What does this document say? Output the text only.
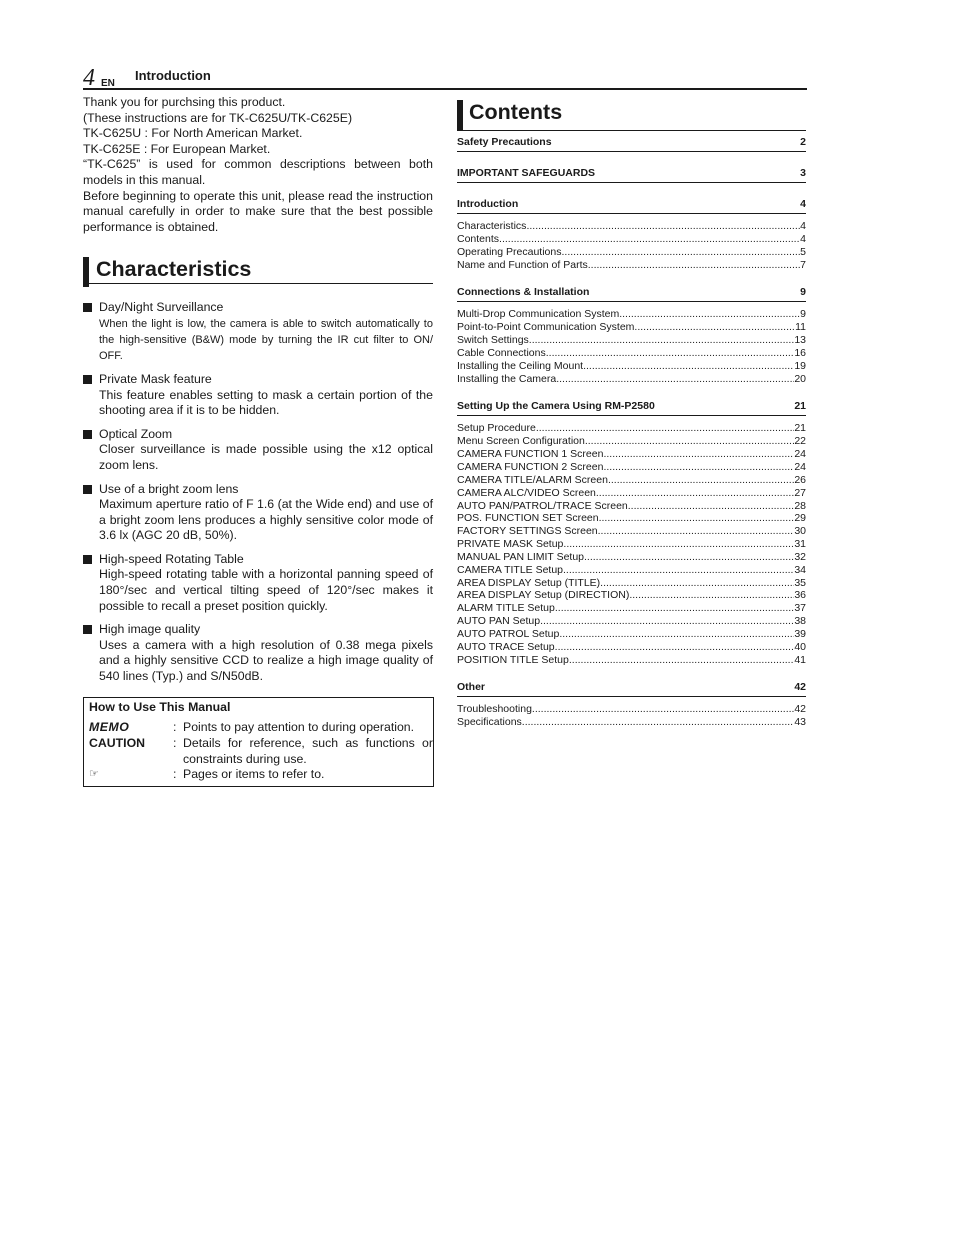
4 EN
Introduction

Thank you for purchsing this product.

(These instructions are for TK-C625U/TK-C625E)

TK-C625U : For North American Market.

TK-C625E : For European Market.

“TK-C625” is used for common descriptions between both models in this manual.

Before beginning to operate this unit, please read the instruction manual carefully in order to make sure that the best possible performance is obtained.

Characteristics
Day/Night Surveillance
When the light is low, the camera is able to switch automatically to the high-sensitive (B&W) mode by turning the IR cut filter to ON/ OFF.
Private Mask feature
This feature enables setting to mask a certain portion of the shooting area if it is to be hidden.
Optical Zoom
Closer surveillance is made possible using the x12 optical zoom lens.
Use of a bright zoom lens
Maximum aperture ratio of F 1.6 (at the Wide end) and use of a bright zoom lens produces a highly sensitive color mode of 3.6 lx (AGC 20 dB, 50%).
High-speed Rotating Table
High-speed rotating table with a horizontal panning speed of 180°/sec and vertical tilting speed of 120°/sec makes it possible to recall a preset position quickly.
High image quality
Uses a camera with a high resolution of 0.38 mega pixels and a highly sensitive CCD to realize a high image quality of 540 lines (Typ.) and S/N50dB.
How to Use This Manual
MEMO	: Points to pay attention to during operation.
CAUTION	: Details for reference, such as functions or constraints during use.
☞	: Pages or items to refer to.
Contents
Safety Precautions	2
IMPORTANT SAFEGUARDS	3
Introduction	4
Characteristics .....	4
Contents .....	4
Operating Precautions .....	5
Name and Function of Parts .....	7
Connections & Installation	9
Multi-Drop Communication System .....	9
Point-to-Point Communication System .....	11
Switch Settings .....	13
Cable Connections .....	16
Installing the Ceiling Mount .....	19
Installing the Camera .....	20
Setting Up the Camera Using RM-P2580	21
Setup Procedure .....	21
Menu Screen Configuration .....	22
CAMERA FUNCTION 1 Screen .....	24
CAMERA FUNCTION 2 Screen .....	24
CAMERA TITLE/ALARM Screen .....	26
CAMERA ALC/VIDEO Screen .....	27
AUTO PAN/PATROL/TRACE Screen .....	28
POS. FUNCTION SET Screen .....	29
FACTORY SETTINGS Screen .....	30
PRIVATE MASK Setup .....	31
MANUAL PAN LIMIT Setup .....	32
CAMERA TITLE Setup .....	34
AREA DISPLAY Setup (TITLE) .....	35
AREA DISPLAY Setup (DIRECTION) .....	36
ALARM TITLE Setup .....	37
AUTO PAN Setup .....	38
AUTO PATROL Setup .....	39
AUTO TRACE Setup .....	40
POSITION TITLE Setup .....	41
Other	42
Troubleshooting .....	42
Specifications .....	43
